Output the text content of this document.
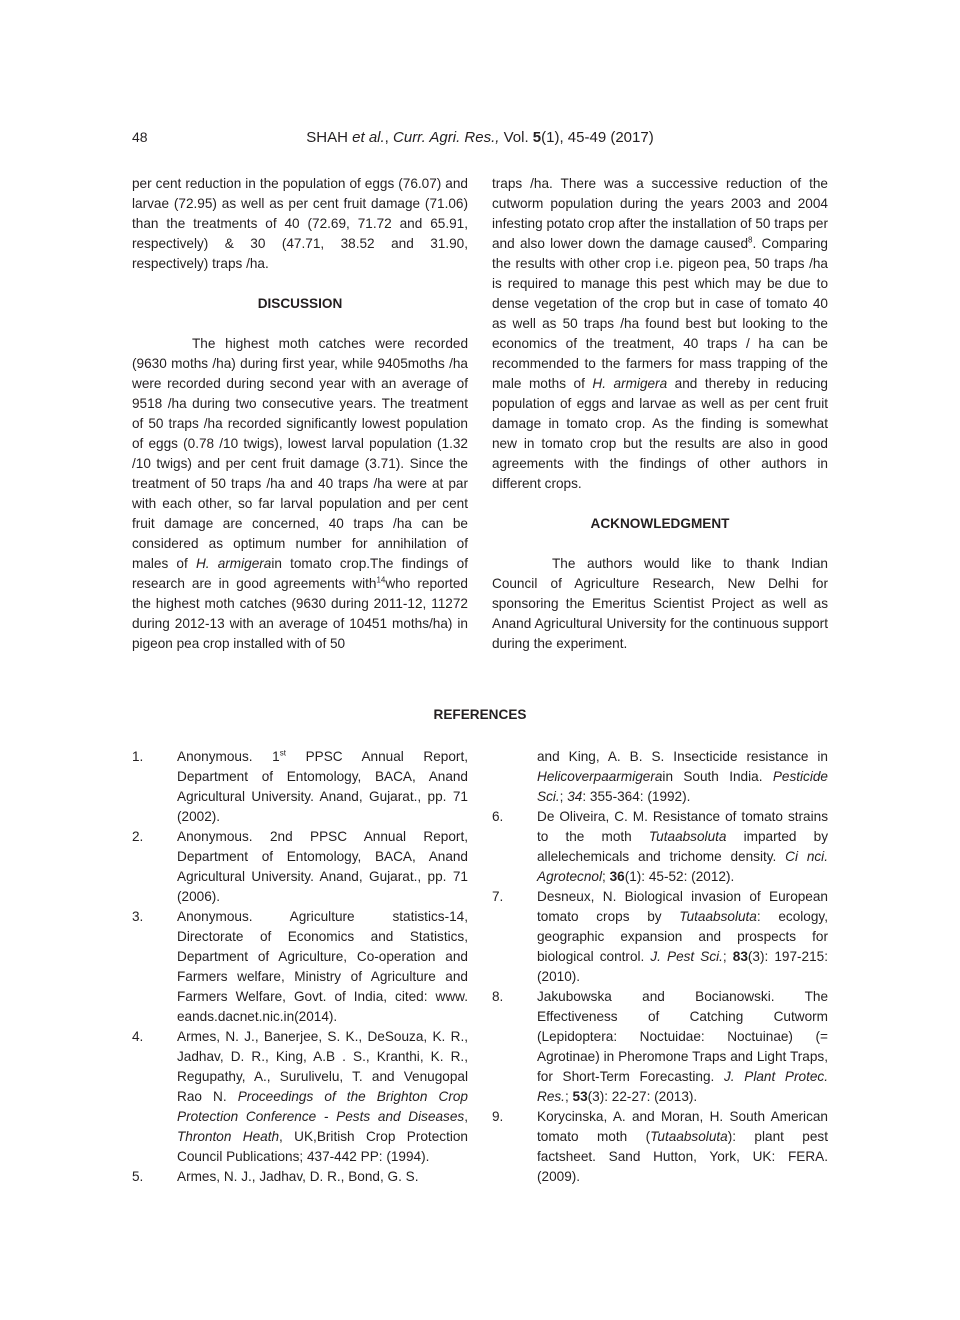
48	SHAH et al., Curr. Agri. Res., Vol. 5(1), 45-49 (2017)

per cent reduction in the population of eggs (76.07) and larvae (72.95) as well as per cent fruit damage (71.06) than the treatments of 40 (72.69, 71.72 and 65.91, respectively) & 30 (47.71, 38.52 and 31.90, respectively) traps /ha.

DISCUSSION

The highest moth catches were recorded (9630 moths /ha) during first year, while 9405moths /ha were recorded during second year with an average of 9518 /ha during two consecutive years. The treatment of 50 traps /ha recorded significantly lowest population of eggs (0.78 /10 twigs), lowest larval population (1.32 /10 twigs) and per cent fruit damage (3.71). Since the treatment of 50 traps /ha and 40 traps /ha were at par with each other, so far larval population and per cent fruit damage are concerned, 40 traps /ha can be considered as optimum number for annihilation of males of H. armigerain tomato crop.The findings of research are in good agreements with$^{14}$who reported the highest moth catches (9630 during 2011-12, 11272 during 2012-13 with an average of 10451 moths/ha) in pigeon pea crop installed with of 50

traps /ha. There was a successive reduction of the cutworm population during the years 2003 and 2004 infesting potato crop after the installation of 50 traps per and also lower down the damage caused$^8$. Comparing the results with other crop i.e. pigeon pea, 50 traps /ha is required to manage this pest which may be due to dense vegetation of the crop but in case of tomato 40 as well as 50 traps /ha found best but looking to the economics of the treatment, 40 traps / ha can be recommended to the farmers for mass trapping of the male moths of H. armigera and thereby in reducing population of eggs and larvae as well as per cent fruit damage in tomato crop. As the finding is somewhat new in tomato crop but the results are also in good agreements with the findings of other authors in different crops.

ACKNOWLEDGMENT

The authors would like to thank Indian Council of Agriculture Research, New Delhi for sponsoring the Emeritus Scientist Project as well as Anand Agricultural University for the continuous support during the experiment.

REFERENCES
1.	Anonymous. 1st PPSC Annual Report, Department of Entomology, BACA, Anand Agricultural University. Anand, Gujarat., pp. 71 (2002).
2.	Anonymous. 2nd PPSC Annual Report, Department of Entomology, BACA, Anand Agricultural University. Anand, Gujarat., pp. 71 (2006).
3.	Anonymous. Agriculture statistics-14, Directorate of Economics and Statistics, Department of Agriculture, Co-operation and Farmers welfare, Ministry of Agriculture and Farmers Welfare, Govt. of India, cited: www. eands.dacnet.nic.in(2014).
4.	Armes, N. J., Banerjee, S. K., DeSouza, K. R., Jadhav, D. R., King, A.B . S., Kranthi, K. R., Regupathy, A., Surulivelu, T. and Venugopal Rao N. Proceedings of the Brighton Crop Protection Conference - Pests and Diseases, Thronton Heath, UK,British Crop Protection Council Publications; 437-442 PP: (1994).
5.	Armes, N. J., Jadhav, D. R., Bond, G. S.
and King, A. B. S. Insecticide resistance in Helicoverpaarmigerain South India. Pesticide Sci.; 34: 355-364: (1992).
6.	De Oliveira, C. M. Resistance of tomato strains to the moth Tutaabsoluta imparted by allelechemicals and trichome density. Ci nci. Agrotecnol; 36(1): 45-52: (2012).
7.	Desneux, N. Biological invasion of European tomato crops by Tutaabsoluta: ecology, geographic expansion and prospects for biological control. J. Pest Sci.; 83(3): 197-215: (2010).
8.	Jakubowska and Bocianowski. The Effectiveness of Catching Cutworm (Lepidoptera: Noctuidae: Noctuinae) (= Agrotinae) in Pheromone Traps and Light Traps, for Short-Term Forecasting. J. Plant Protec. Res.; 53(3): 22-27: (2013).
9.	Korycinska, A. and Moran, H. South American tomato moth (Tutaabsoluta): plant pest factsheet. Sand Hutton, York, UK: FERA. (2009).
